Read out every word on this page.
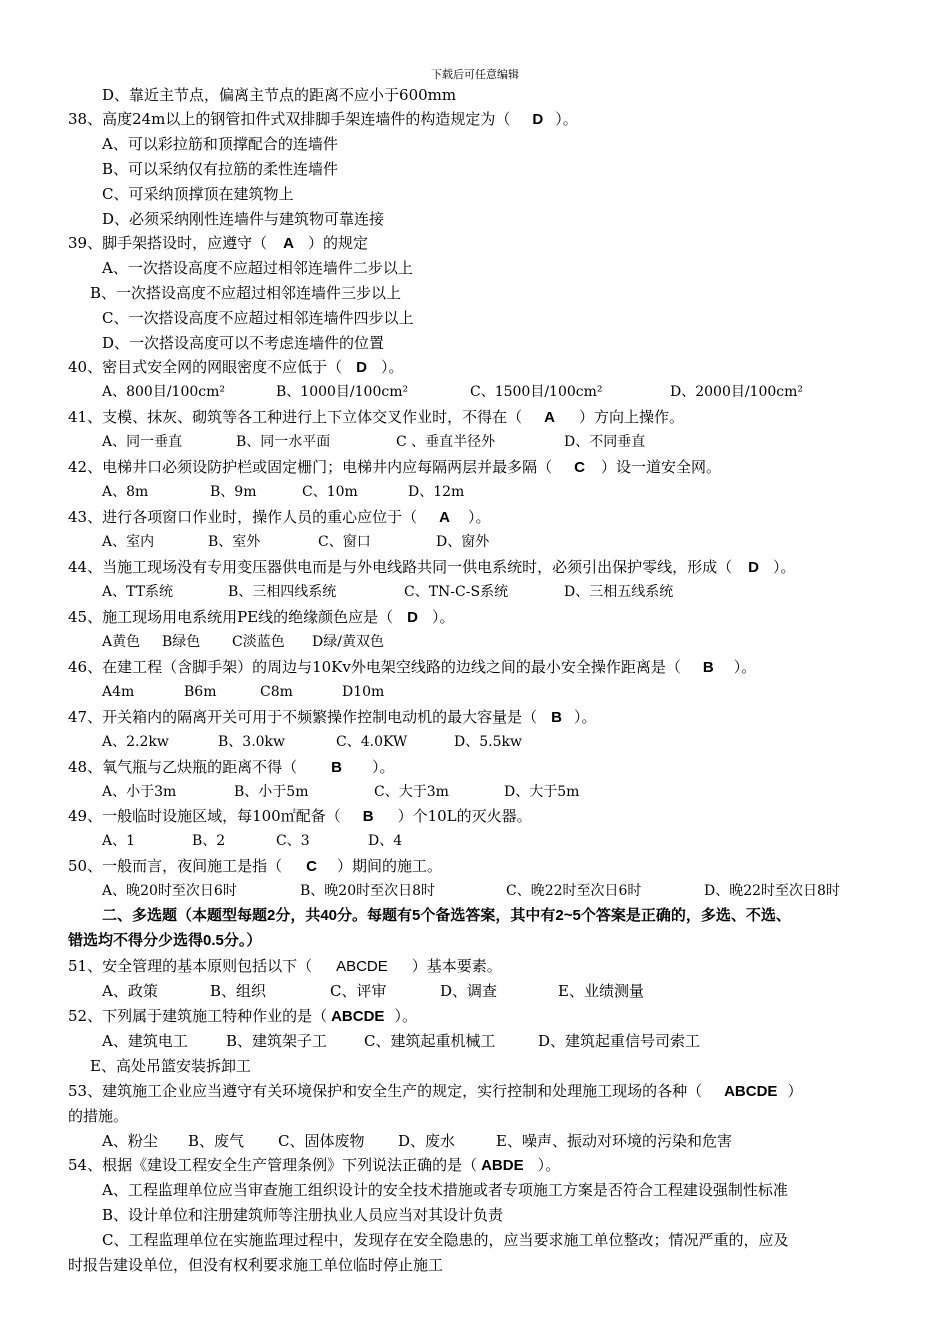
下载后可任意编辑
D、靠近主节点，偏离主节点的距离不应小于600mm
38、高度24m以上的钢管扣件式双排脚手架连墙件的构造规定为（ D ）。
A、可以彩拉筋和顶撑配合的连墙件
B、可以采纳仅有拉筋的柔性连墙件
C、可采纳顶撑顶在建筑物上
D、必须采纳刚性连墙件与建筑物可靠连接
39、脚手架搭设时，应遵守（ A ）的规定
A、一次搭设高度不应超过相邻连墙件二步以上
B、一次搭设高度不应超过相邻连墙件三步以上
C、一次搭设高度不应超过相邻连墙件四步以上
D、一次搭设高度可以不考虑连墙件的位置
40、密目式安全网的网眼密度不应低于（ D ）。
A、800目/100cm²	B、1000目/100cm²	C、1500目/100cm²	D、2000目/100cm²
41、支模、抹灰、砌筑等各工种进行上下立体交叉作业时，不得在（ A ）方向上操作。
A、同一垂直	B、同一水平面	C 、垂直半径外	D、不同垂直
42、电梯井口必须设防护栏或固定栅门；电梯井内应每隔两层并最多隔（ C ）设一道安全网。
A、8m	B、9m	C、10m	D、12m
43、进行各项窗口作业时，操作人员的重心应位于（ A ）。
A、室内	B、室外	C、窗口	D、窗外
44、当施工现场没有专用变压器供电而是与外电线路共同一供电系统时，必须引出保护零线，形成（ D ）。
A、TT系统	B、三相四线系统	C、TN-C-S系统	D、三相五线系统
45、施工现场用电系统用PE线的绝缘颜色应是（ D ）。
A黄色 B绿色 C淡蓝色 D绿/黄双色
46、在建工程（含脚手架）的周边与10Kv外电架空线路的边线之间的最小安全操作距离是（ B ）。
A4m	B6m	C8m	D10m
47、开关箱内的隔离开关可用于不频繁操作控制电动机的最大容量是（ B ）。
A、2.2kw	B、3.0kw	C、4.0KW	D、5.5kw
48、氧气瓶与乙炔瓶的距离不得（ B ）。
A、小于3m	B、小于5m	C、大于3m	D、大于5m
49、一般临时设施区域，每100㎡配备（ B ）个10L的灭火器。
A、1	B、2	C、3	D、4
50、一般而言，夜间施工是指（ C ）期间的施工。
A、晚20时至次日6时	B、晚20时至次日8时	C、晚22时至次日6时	D、晚22时至次日8时
二、多选题（本题型每题2分，共40分。每题有5个备选答案，其中有2~5个答案是正确的，多选、不选、
错选均不得分少选得0.5分。）
51、安全管理的基本原则包括以下（ ABCDE ）基本要素。
A、政策	B、组织	C、评审	D、调查	E、业绩测量
52、下列属于建筑施工特种作业的是（ ABCDE ）。
A、建筑电工	B、建筑架子工 C、建筑起重机械工	D、建筑起重信号司索工
E、高处吊篮安装拆卸工
53、建筑施工企业应当遵守有关环境保护和安全生产的规定，实行控制和处理施工现场的各种（ ABCDE ）
的措施。
A、粉尘 B、废气 C、固体废物 D、废水	E、噪声、振动对环境的污染和危害
54、根据《建设工程安全生产管理条例》下列说法正确的是（ ABDE ）。
A、工程监理单位应当审查施工组织设计的安全技术措施或者专项施工方案是否符合工程建设强制性标准
B、设计单位和注册建筑师等注册执业人员应当对其设计负责
C、工程监理单位在实施监理过程中，发现存在安全隐患的，应当要求施工单位整改；情况严重的，应及
时报告建设单位，但没有权利要求施工单位临时停止施工
